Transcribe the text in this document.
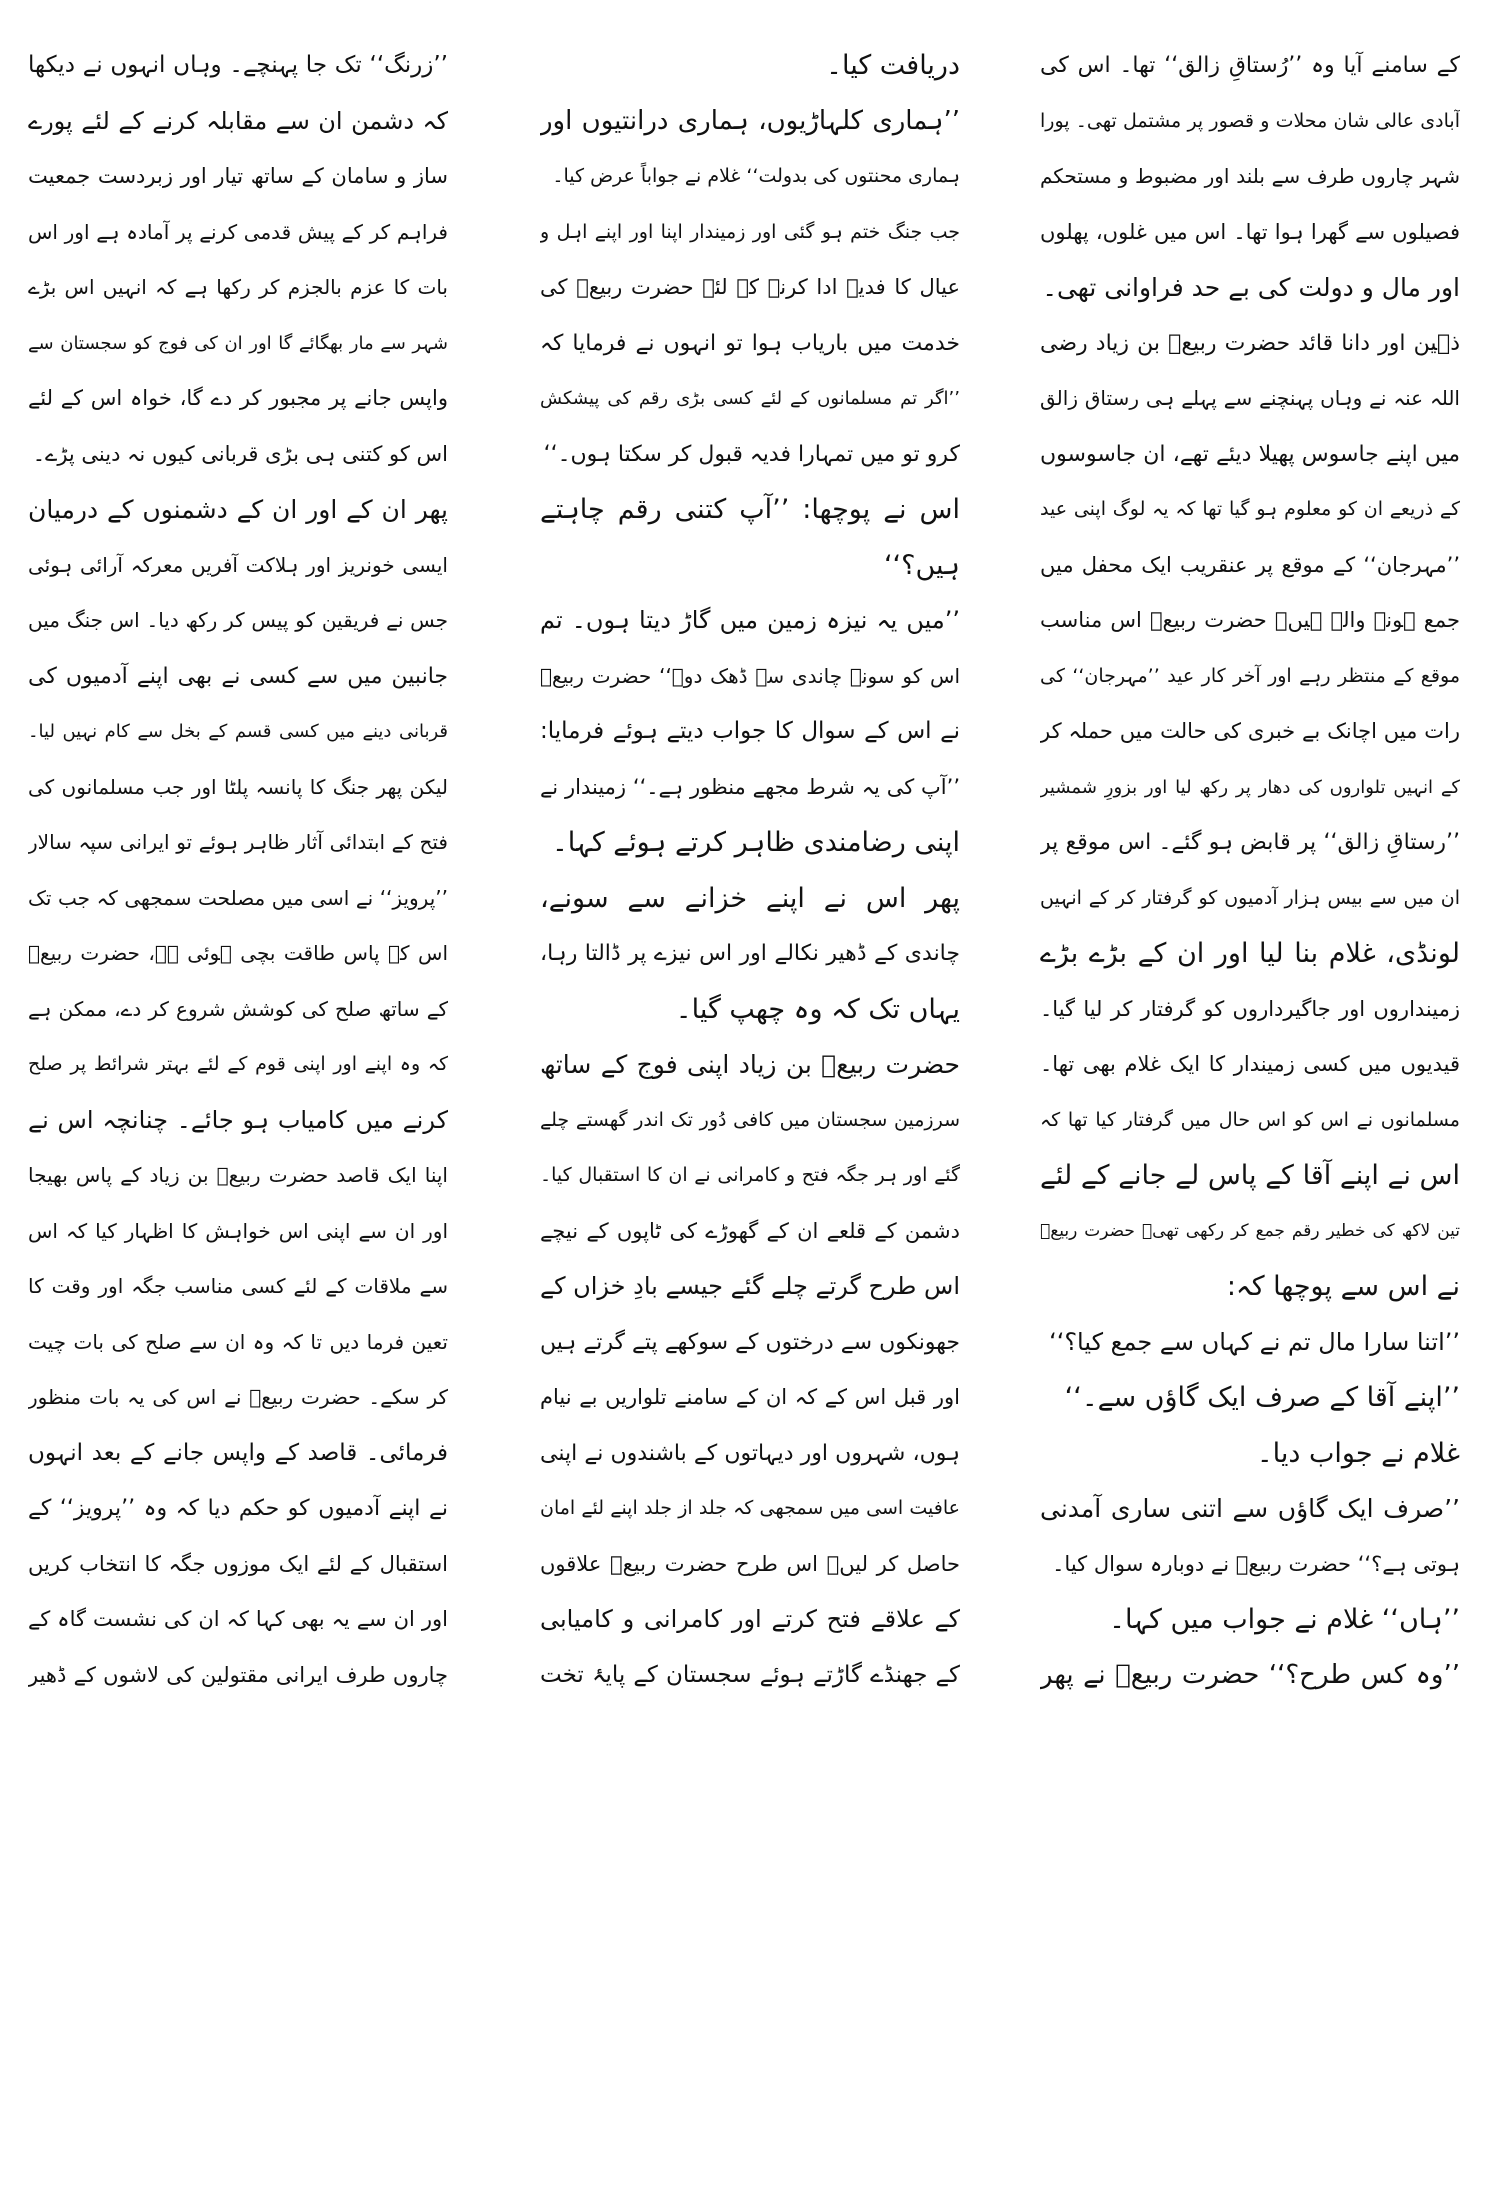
کے سامنے آیا وہ ’’رُستاقِ زالق‘‘ تھا۔ اس کی
آبادی عالی شان محلات و قصور پر مشتمل تھی۔ پورا
شہر چاروں طرف سے بلند اور مضبوط و مستحکم
فصیلوں سے گھرا ہوا تھا۔ اس میں غلوں، پھلوں
اور مال و دولت کی بے حد فراوانی تھی۔
ذہین اور دانا قائد حضرت ربیعؓ بن زیاد رضی
اللہ عنہ نے وہاں پہنچنے سے پہلے ہی رستاق زالق
میں اپنے جاسوس پھیلا دیئے تھے، ان جاسوسوں
کے ذریعے ان کو معلوم ہو گیا تھا کہ یہ لوگ اپنی عید
’’مہرجان‘‘ کے موقع پر عنقریب ایک محفل میں
جمع ہونے والے ہیں۔ حضرت ربیعؓ اس مناسب
موقع کے منتظر رہے اور آخر کار عید ’’مہرجان‘‘ کی
رات میں اچانک بے خبری کی حالت میں حملہ کر
کے انہیں تلواروں کی دھار پر رکھ لیا اور بزورِ شمشیر
’’رستاقِ زالق‘‘ پر قابض ہو گئے۔ اس موقع پر
ان میں سے بیس ہزار آدمیوں کو گرفتار کر کے انہیں
لونڈی، غلام بنا لیا اور ان کے بڑے بڑے
زمینداروں اور جاگیرداروں کو گرفتار کر لیا گیا۔
قیدیوں میں کسی زمیندار کا ایک غلام بھی تھا۔
مسلمانوں نے اس کو اس حال میں گرفتار کیا تھا کہ
اس نے اپنے آقا کے پاس لے جانے کے لئے
تین لاکھ کی خطیر رقم جمع کر رکھی تھی۔ حضرت ربیعؓ
نے اس سے پوچھا کہ:
’’اتنا سارا مال تم نے کہاں سے جمع کیا؟‘‘
’’اپنے آقا کے صرف ایک گاؤں سے۔‘‘
غلام نے جواب دیا۔
’’صرف ایک گاؤں سے اتنی ساری آمدنی
ہوتی ہے؟‘‘ حضرت ربیعؓ نے دوبارہ سوال کیا۔
’’ہاں‘‘ غلام نے جواب میں کہا۔
’’وہ کس طرح؟‘‘ حضرت ربیعؓ نے پھر
دریافت کیا۔
’’ہماری کلہاڑیوں، ہماری درانتیوں اور
ہماری محنتوں کی بدولت‘‘ غلام نے جواباً عرض کیا۔
جب جنگ ختم ہو گئی اور زمیندار اپنا اور اپنے اہل و
عیال کا فدیہ ادا کرنے کے لئے حضرت ربیعؓ کی
خدمت میں باریاب ہوا تو انہوں نے فرمایا کہ
’’اگر تم مسلمانوں کے لئے کسی بڑی رقم کی پیشکش
کرو تو میں تمہارا فدیہ قبول کر سکتا ہوں۔‘‘
اس نے پوچھا: ’’آپ کتنی رقم چاہتے
ہیں؟‘‘
’’میں یہ نیزہ زمین میں گاڑ دیتا ہوں۔ تم
اس کو سونے چاندی سے ڈھک دو۔‘‘ حضرت ربیعؓ
نے اس کے سوال کا جواب دیتے ہوئے فرمایا:
’’آپ کی یہ شرط مجھے منظور ہے۔‘‘ زمیندار نے
اپنی رضامندی ظاہر کرتے ہوئے کہا۔
پھر اس نے اپنے خزانے سے سونے،
چاندی کے ڈھیر نکالے اور اس نیزے پر ڈالتا رہا،
یہاں تک کہ وہ چھپ گیا۔
حضرت ربیعؓ بن زیاد اپنی فوج کے ساتھ
سرزمین سجستان میں کافی دُور تک اندر گھستے چلے
گئے اور ہر جگہ فتح و کامرانی نے ان کا استقبال کیا۔
دشمن کے قلعے ان کے گھوڑے کی ٹاپوں کے نیچے
اس طرح گرتے چلے گئے جیسے بادِ خزاں کے
جھونکوں سے درختوں کے سوکھے پتے گرتے ہیں
اور قبل اس کے کہ ان کے سامنے تلواریں بے نیام
ہوں، شہروں اور دیہاتوں کے باشندوں نے اپنی
عافیت اسی میں سمجھی کہ جلد از جلد اپنے لئے امان
حاصل کر لیں۔ اس طرح حضرت ربیعؓ علاقوں
کے علاقے فتح کرتے اور کامرانی و کامیابی
کے جھنڈے گاڑتے ہوئے سجستان کے پایۂ تخت
’’زرنگ‘‘ تک جا پہنچے۔ وہاں انہوں نے دیکھا
کہ دشمن ان سے مقابلہ کرنے کے لئے پورے
ساز و سامان کے ساتھ تیار اور زبردست جمعیت
فراہم کر کے پیش قدمی کرنے پر آمادہ ہے اور اس
بات کا عزم بالجزم کر رکھا ہے کہ انہیں اس بڑے
شہر سے مار بھگائے گا اور ان کی فوج کو سجستان سے
واپس جانے پر مجبور کر دے گا، خواہ اس کے لئے
اس کو کتنی ہی بڑی قربانی کیوں نہ دینی پڑے۔
پھر ان کے اور ان کے دشمنوں کے درمیان
ایسی خونریز اور ہلاکت آفریں معرکہ آرائی ہوئی
جس نے فریقین کو پیس کر رکھ دیا۔ اس جنگ میں
جانبین میں سے کسی نے بھی اپنے آدمیوں کی
قربانی دینے میں کسی قسم کے بخل سے کام نہیں لیا۔
لیکن پھر جنگ کا پانسہ پلٹا اور جب مسلمانوں کی
فتح کے ابتدائی آثار ظاہر ہوئے تو ایرانی سپہ سالار
’’پرویز‘‘ نے اسی میں مصلحت سمجھی کہ جب تک
اس کے پاس طاقت بچی ہوئی ہے، حضرت ربیعؓ
کے ساتھ صلح کی کوشش شروع کر دے، ممکن ہے
کہ وہ اپنے اور اپنی قوم کے لئے بہتر شرائط پر صلح
کرنے میں کامیاب ہو جائے۔ چنانچہ اس نے
اپنا ایک قاصد حضرت ربیعؓ بن زیاد کے پاس بھیجا
اور ان سے اپنی اس خواہش کا اظہار کیا کہ اس
سے ملاقات کے لئے کسی مناسب جگہ اور وقت کا
تعین فرما دیں تا کہ وہ ان سے صلح کی بات چیت
کر سکے۔ حضرت ربیعؓ نے اس کی یہ بات منظور
فرمائی۔ قاصد کے واپس جانے کے بعد انہوں
نے اپنے آدمیوں کو حکم دیا کہ وہ ’’پرویز‘‘ کے
استقبال کے لئے ایک موزوں جگہ کا انتخاب کریں
اور ان سے یہ بھی کہا کہ ان کی نشست گاہ کے
چاروں طرف ایرانی مقتولین کی لاشوں کے ڈھیر
